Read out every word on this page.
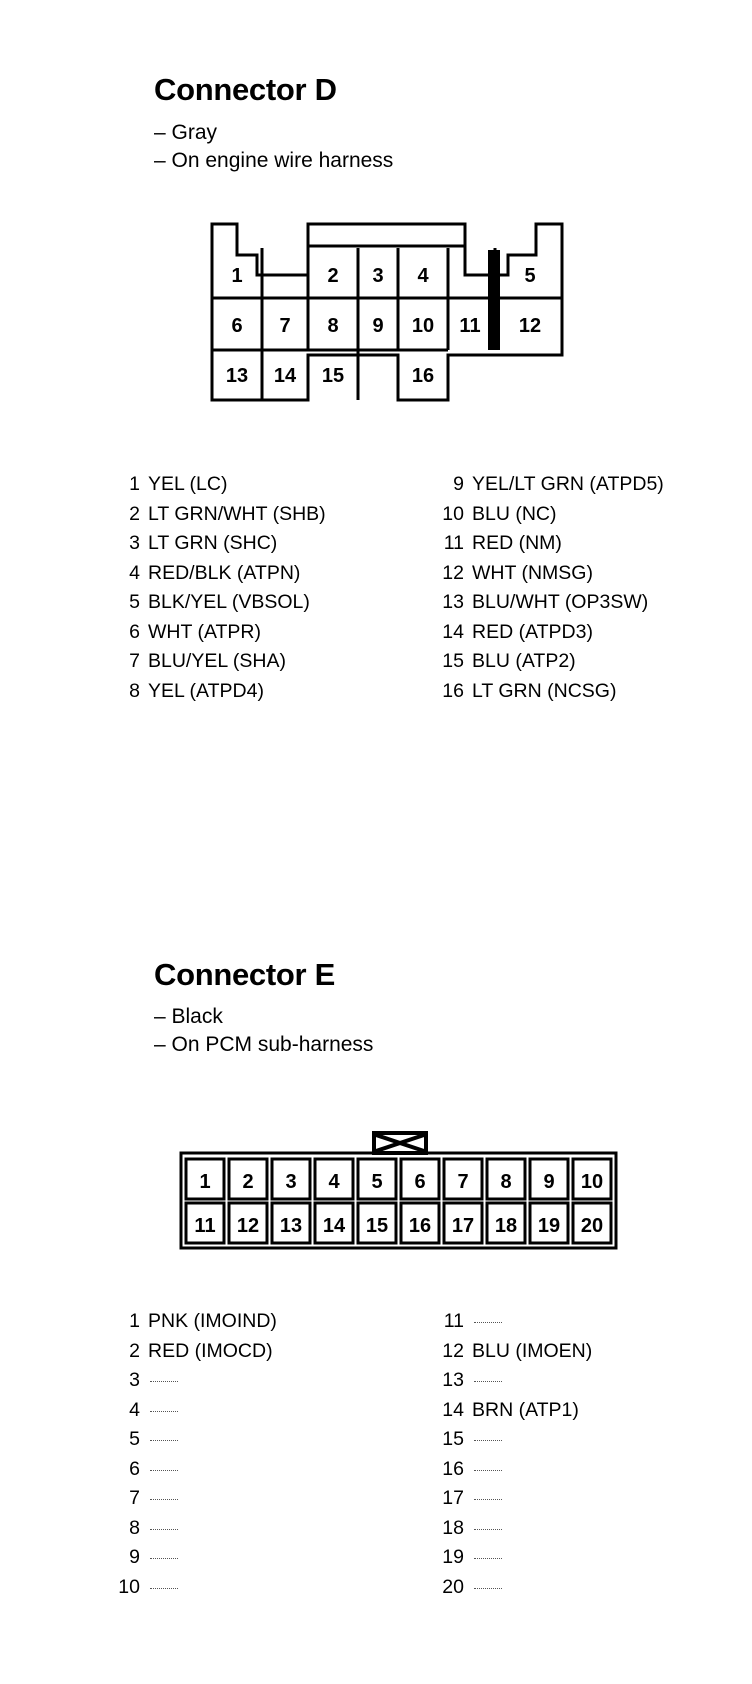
Connector D
– Gray
– On engine wire harness
1	2 3 4	5
6 7 8 9 10 11 12
13 14 15	16
1 YEL (LC)
2 LT GRN/WHT (SHB)
3 LT GRN (SHC)
4 RED/BLK (ATPN)
5 BLK/YEL (VBSOL)
6 WHT (ATPR)
7 BLU/YEL (SHA)
8 YEL (ATPD4)
9 YEL/LT GRN (ATPD5)
10 BLU (NC)
11 RED (NM)
12 WHT (NMSG)
13 BLU/WHT (OP3SW)
14 RED (ATPD3)
15 BLU (ATP2)
16 LT GRN (NCSG)
Connector E
– Black
– On PCM sub-harness
1 2 3 4 5 6 7 8 9 10
11 12 13 14 15 16 17 18 19 20
1 PNK (IMOIND)
2 RED (IMOCD)
3
4
5
6
7
8
9
10
11
12 BLU (IMOEN)
13
14 BRN (ATP1)
15
16
17
18
19
20
